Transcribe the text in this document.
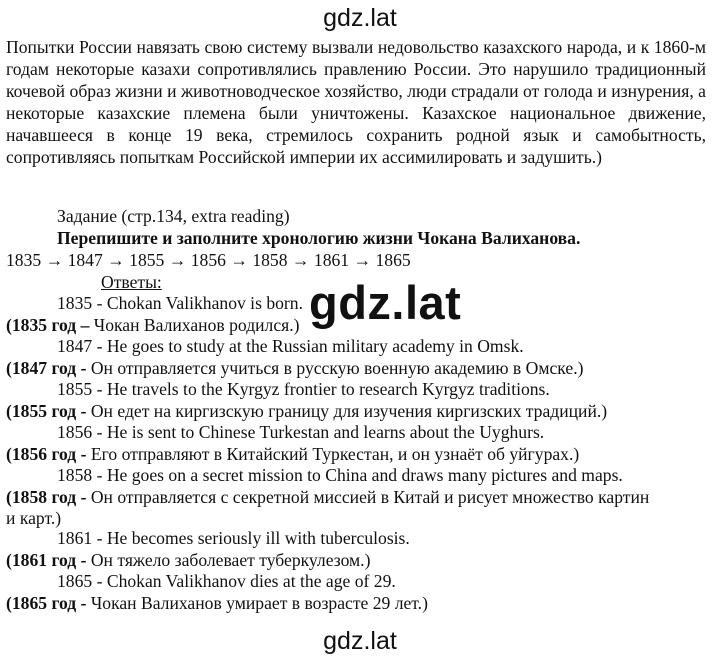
gdz.lat
Попытки России навязать свою систему вызвали недовольство казахского народа, и к 1860-м годам некоторые казахи сопротивлялись правлению России. Это нарушило традиционный кочевой образ жизни и животноводческое хозяйство, люди страдали от голода и изнурения, а некоторые казахские племена были уничтожены. Казахское национальное движение, начавшееся в конце 19 века, стремилось сохранить родной язык и самобытность, сопротивляясь попыткам Российской империи их ассимилировать и задушить.)
Задание (стр.134, extra reading)
Перепишите и заполните хронологию жизни Чокана Валиханова.
1835 → 1847 → 1855 → 1856 → 1858 → 1861 → 1865
Ответы:
1835 - Chokan Valikhanov is born.
(1835 год – Чокан Валиханов родился.)
1847 - He goes to study at the Russian military academy in Omsk.
(1847 год - Он отправляется учиться в русскую военную академию в Омске.)
1855 - He travels to the Kyrgyz frontier to research Kyrgyz traditions.
(1855 год - Он едет на киргизскую границу для изучения киргизских традиций.)
1856 - He is sent to Chinese Turkestan and learns about the Uyghurs.
(1856 год - Его отправляют в Китайский Туркестан, и он узнаёт об уйгурах.)
1858 - He goes on a secret mission to China and draws many pictures and maps.
(1858 год - Он отправляется с секретной миссией в Китай и рисует множество картин
и карт.)
1861 - He becomes seriously ill with tuberculosis.
(1861 год - Он тяжело заболевает туберкулезом.)
1865 - Chokan Valikhanov dies at the age of 29.
(1865 год - Чокан Валиханов умирает в возрасте 29 лет.)
gdz.lat
gdz.lat
